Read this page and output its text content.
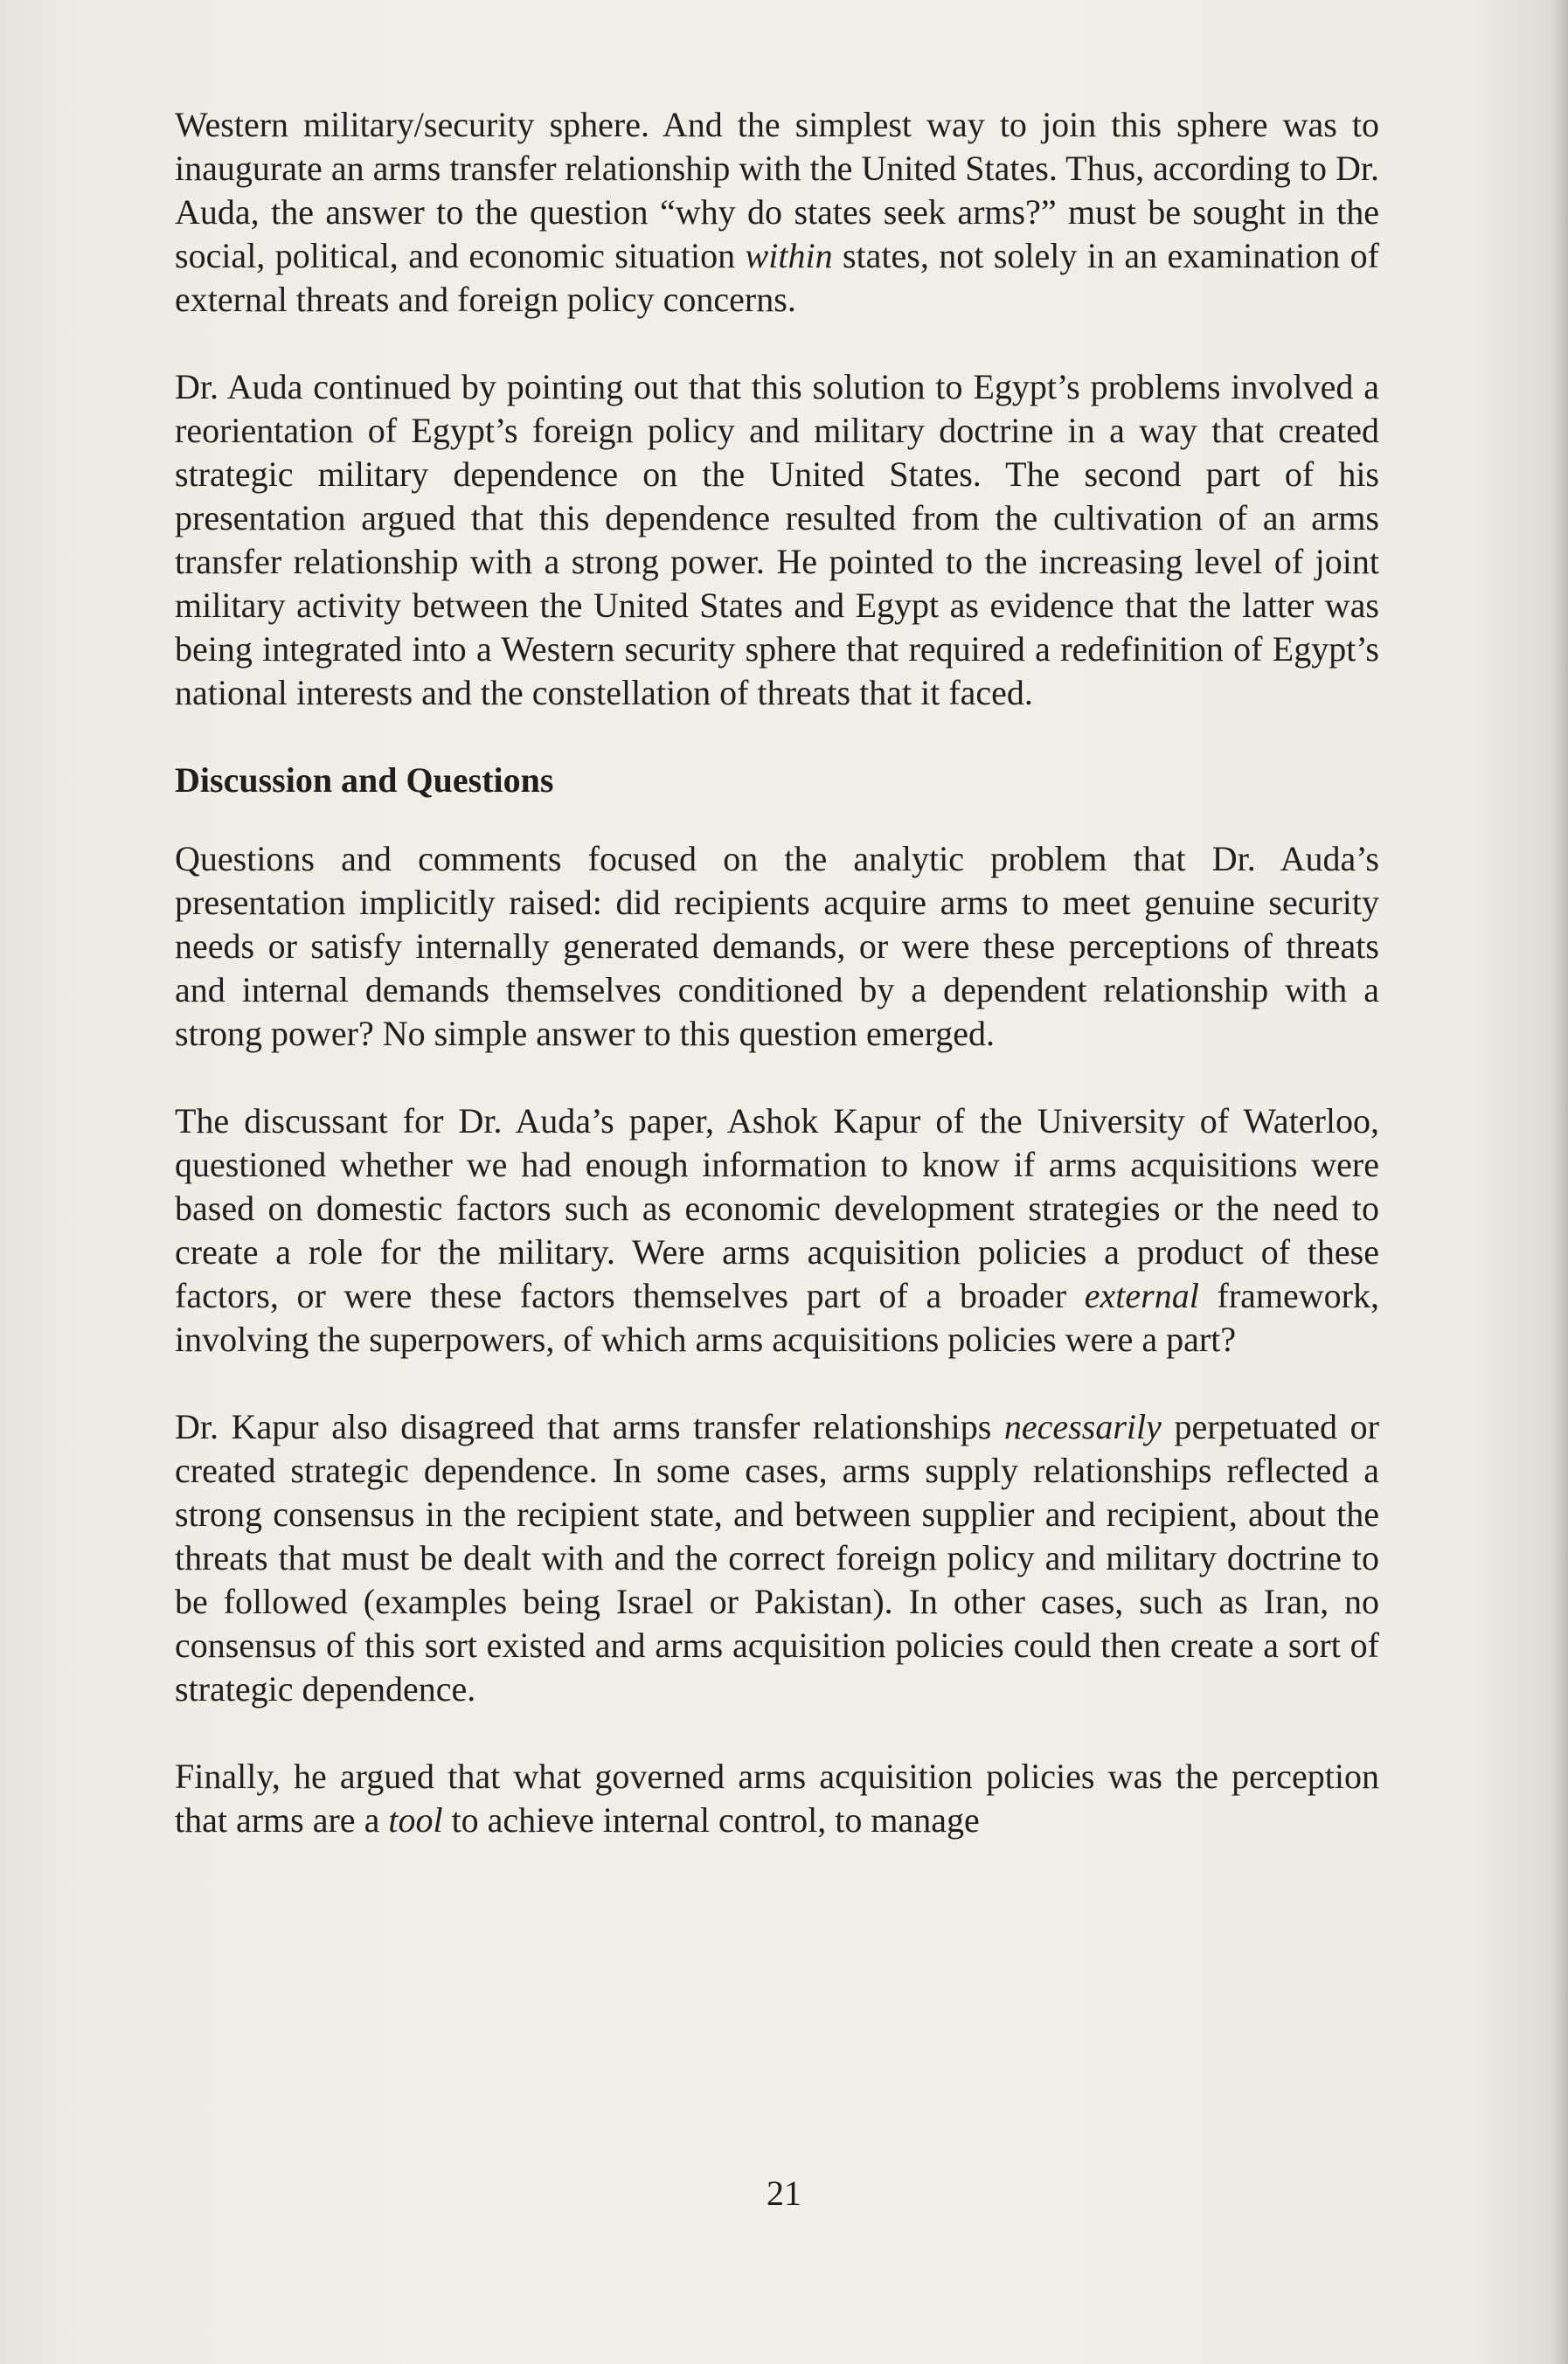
Western military/security sphere. And the simplest way to join this sphere was to inaugurate an arms transfer relationship with the United States. Thus, according to Dr. Auda, the answer to the question “why do states seek arms?” must be sought in the social, political, and economic situation within states, not solely in an examination of external threats and foreign policy concerns.

Dr. Auda continued by pointing out that this solution to Egypt’s problems involved a reorientation of Egypt’s foreign policy and military doctrine in a way that created strategic military dependence on the United States. The second part of his presentation argued that this dependence resulted from the cultivation of an arms transfer relationship with a strong power. He pointed to the increasing level of joint military activity between the United States and Egypt as evidence that the latter was being integrated into a Western security sphere that required a redefinition of Egypt’s national interests and the constellation of threats that it faced.

Discussion and Questions

Questions and comments focused on the analytic problem that Dr. Auda’s presentation implicitly raised: did recipients acquire arms to meet genuine security needs or satisfy internally generated demands, or were these perceptions of threats and internal demands themselves conditioned by a dependent relationship with a strong power? No simple answer to this question emerged.

The discussant for Dr. Auda’s paper, Ashok Kapur of the University of Waterloo, questioned whether we had enough information to know if arms acquisitions were based on domestic factors such as economic development strategies or the need to create a role for the military. Were arms acquisition policies a product of these factors, or were these factors themselves part of a broader external framework, involving the superpowers, of which arms acquisitions policies were a part?

Dr. Kapur also disagreed that arms transfer relationships necessarily perpetuated or created strategic dependence. In some cases, arms supply relationships reflected a strong consensus in the recipient state, and between supplier and recipient, about the threats that must be dealt with and the correct foreign policy and military doctrine to be followed (examples being Israel or Pakistan). In other cases, such as Iran, no consensus of this sort existed and arms acquisition policies could then create a sort of strategic dependence.

Finally, he argued that what governed arms acquisition policies was the perception that arms are a tool to achieve internal control, to manage

21
